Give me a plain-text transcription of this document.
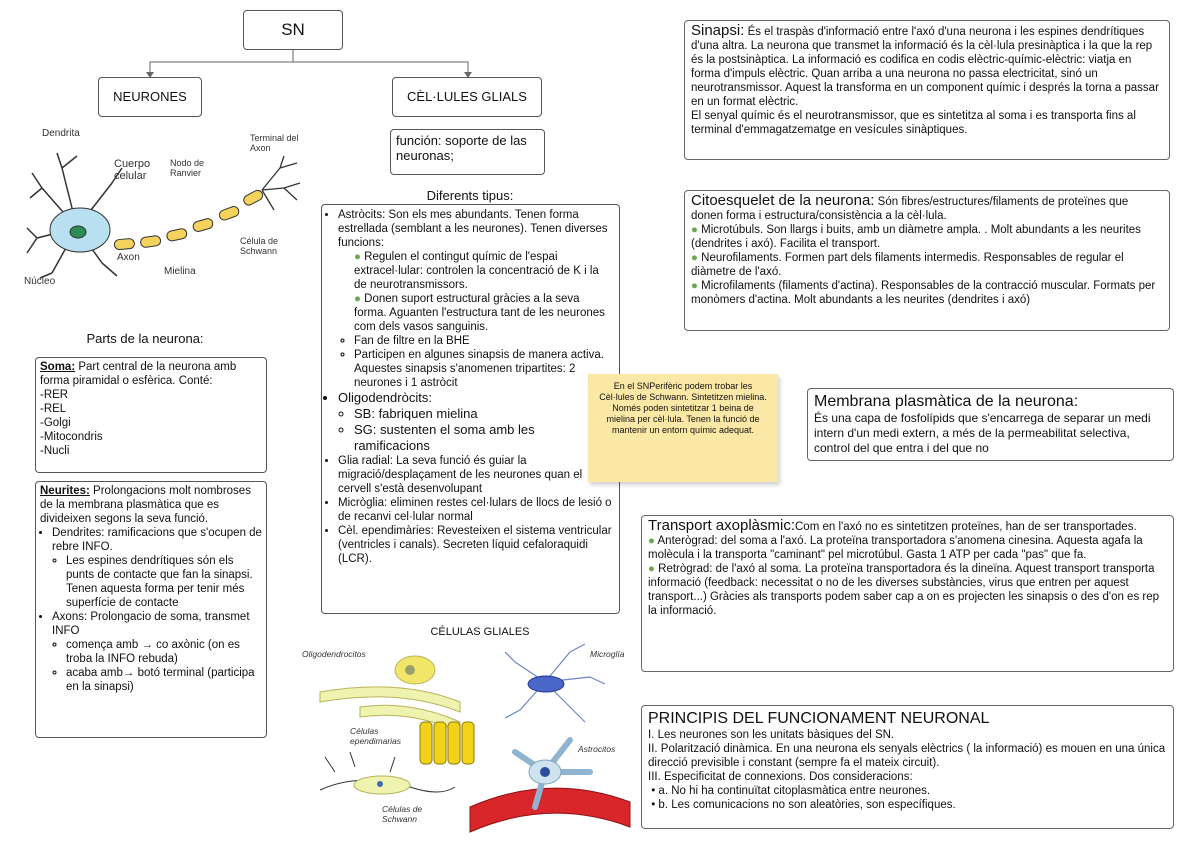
SN
NEURONES	CÈL·LULES GLIALS
función: soporte de las neuronas;
Dendrita
Cuerpo celular
Nodo de Ranvier
Terminal del Axon
Axon
Mielina
Célula de Schwann
Núcleo
Parts de la neurona:
Soma: Part central de la neurona amb forma piramidal o esfèrica. Conté:
-RER
-REL
-Golgi
-Mitocondris
-Nucli
Neurites: Prolongacions molt nombroses de la membrana plasmàtica que es divideixen segons la seva funció.
• Dendrites: ramificacions que s'ocupen de rebre INFO.
◦ Les espines dendrítiques són els punts de contacte que fan la sinapsi. Tenen aquesta forma per tenir més superfície de contacte
• Axons: Prolongacio de soma, transmet INFO
◦ comença amb → co axònic (on es troba la INFO rebuda)
◦ acaba amb→ botó terminal (participa en la sinapsi)
Diferents tipus:
• Astròcits: Son els mes abundants. Tenen forma estrellada (semblant a les neurones). Tenen diverses funcions:
● Regulen el contingut químic de l'espai extracel·lular: controlen la concentració de K i la de neurotransmissors.
● Donen suport estructural gràcies a la seva forma. Aguanten l'estructura tant de les neurones com dels vasos sanguinis.
◦ Fan de filtre en la BHE
◦ Participen en algunes sinapsis de manera activa. Aquestes sinapsis s'anomenen tripartites: 2 neurones i 1 astròcit
• Oligodendròcits:
◦ SB: fabriquen mielina
◦ SG: sustenten el soma amb les ramificacions
• Glia radial: La seva funció és guiar la migració/desplaçament de les neurones quan el cervell s'està desenvolupant
• Micròglia: eliminen restes cel·lulars de llocs de lesió o de recanvi cel·lular normal
• Cèl. ependimàries: Revesteixen el sistema ventricular (ventricles i canals). Secreten líquid cefaloraquidi (LCR).
CÉLULAS GLIALES
Oligodendrocitos	Microglía
Células ependimarias
Astrocitos
Células de Schwann
En el SNPerifèric podem trobar les Cèl·lules de Schwann. Sintetitzen mielina. Només poden sintetitzar 1 beina de mielina per cèl·lula. Tenen la funció de mantenir un entorn químic adequat.
Sinapsi: És el traspàs d'informació entre l'axó d'una neurona i les espines dendrítiques d'una altra. La neurona que transmet la informació és la cèl·lula presinàptica i la que la rep és la postsinàptica. La informació es codifica en codis elèctric-químic-elèctric: viatja en forma d'impuls elèctric. Quan arriba a una neurona no passa electricitat, sinó un neurotransmissor. Aquest la transforma en un component químic i després la torna a passar en un format elèctric.
El senyal químic és el neurotransmissor, que es sintetitza al soma i es transporta fins al terminal d'emmagatzematge en vesícules sinàptiques.
Citoesquelet de la neurona: Són fibres/estructures/filaments de proteïnes que donen forma i estructura/consistència a la cèl·lula.
● Microtúbuls. Son llargs i buits, amb un diàmetre ampla. . Molt abundants a les neurites (dendrites i axó). Facilita el transport.
● Neurofilaments. Formen part dels filaments intermedis. Responsables de regular el diàmetre de l'axó.
● Microfilaments (filaments d'actina). Responsables de la contracció muscular. Formats per monòmers d'actina. Molt abundants a les neurites (dendrites i axó)
Membrana plasmàtica de la neurona:
És una capa de fosfolípids que s'encarrega de separar un medi intern d'un medi extern, a més de la permeabilitat selectiva, control del que entra i del que no
Transport axoplàsmic:Com en l'axó no es sintetitzen proteïnes, han de ser transportades.
● Anterògrad: del soma a l'axó. La proteïna transportadora s'anomena cinesina. Aquesta agafa la molècula i la transporta "caminant" pel microtúbul. Gasta 1 ATP per cada "pas" que fa.
● Retrògrad: de l'axó al soma. La proteïna transportadora és la dineïna. Aquest transport transporta informació (feedback: necessitat o no de les diverses substàncies, virus que entren per aquest transport...) Gràcies als transports podem saber cap a on es projecten les sinapsis o des d'on es rep la informació.
PRINCIPIS DEL FUNCIONAMENT NEURONAL
I. Les neurones son les unitats bàsiques del SN.
II. Polarització dinàmica. En una neurona els senyals elèctrics ( la informació) es mouen en una única direcció previsible i constant (sempre fa el mateix circuit).
III. Especificitat de connexions. Dos consideracions:
• a. No hi ha continuïtat citoplasmàtica entre neurones.
• b. Les comunicacions no son aleatòries, son específiques.
